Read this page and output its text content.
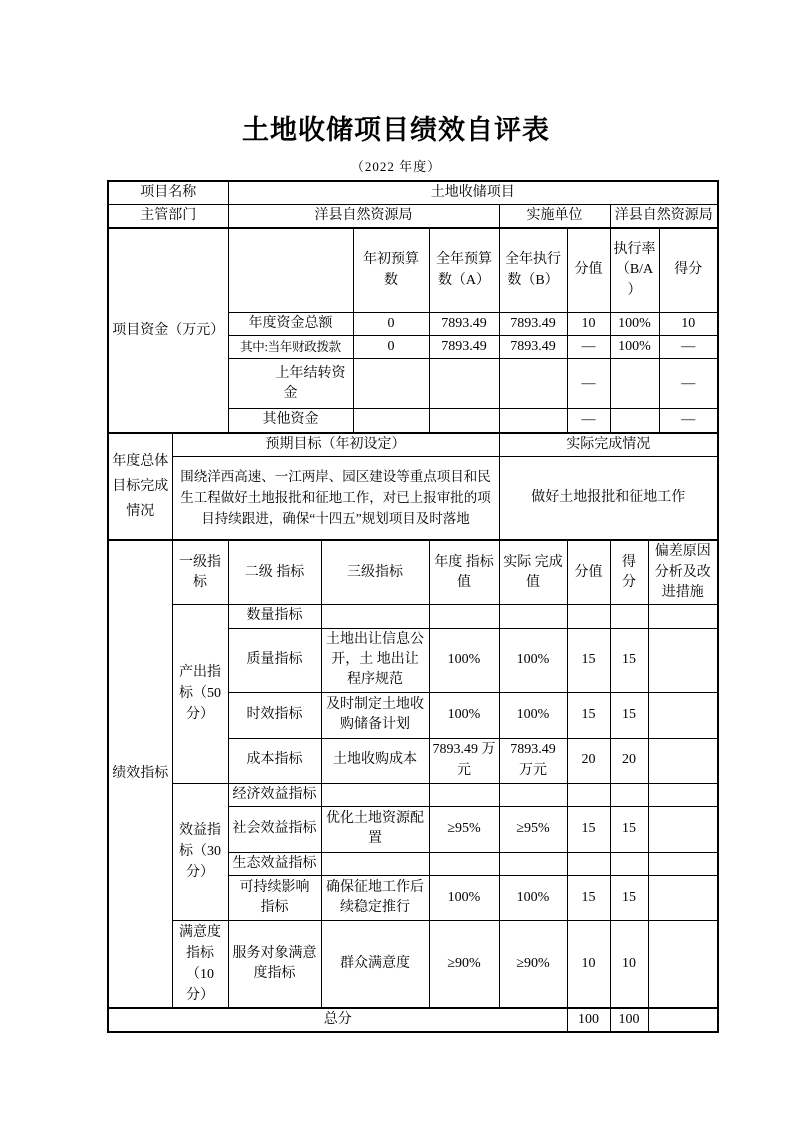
土地收储项目绩效自评表
（2022 年度）
项目名称		土地收储项目								
主管部门		洋县自然资源局				实施单位		洋县自然资源局		
项目资金（万元）				年初预算数	全年预算数（A）	全年执行数（B）	分值	执行率（B/A）		得分
		年度资金总额		0	7893.49	7893.49	10	100%		10
		其中:当年财政拨款		0	7893.49	7893.49	—	100%		—
		上年结转资金					—			—
		其他资金					—			—
年度总体目标完成情况	预期目标（年初设定）					实际完成情况				
	围绕洋西高速、一江两岸、园区建设等重点项目和民生工程做好土地报批和征地工作，对已上报审批的项目持续跟进，确保“十四五”规划项目及时落地					做好土地报批和征地工作				
绩效指标	一级指标	二级 指标	三级指标		年度 指标值	实际 完成值	分值	得 分	偏差原因分析及改进措施	
	产出指标（50 分）	数量指标								
		质量指标	土地出让信息公开，土 地出让程序规范		100%	100%	15	15		
		时效指标	及时制定土地收购储备计划		100%	100%	15	15		
		成本指标	土地收购成本		7893.49 万元	7893.49 万元	20	20		
	效益指标（30 分）	经济效益指标								
		社会效益指标	优化土地资源配置		≥95%	≥95%	15	15		
		生态效益指标								
		可持续影响 指标	确保征地工作后续稳定推行		100%	100%	15	15		
	满意度指标（10 分）	服务对象满意度指标	群众满意度		≥90%	≥90%	10	10		
总分							100	100		
